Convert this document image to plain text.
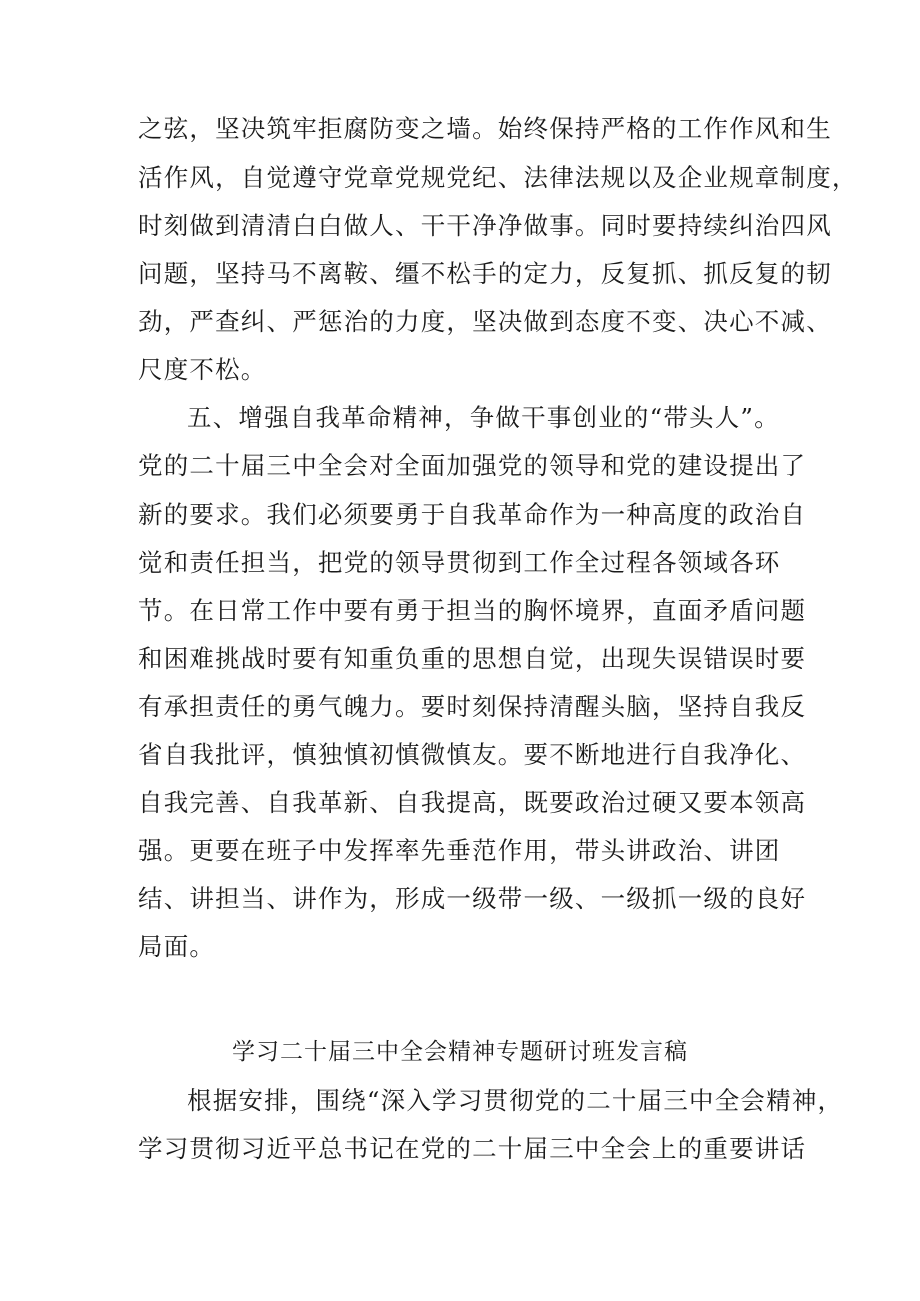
之弦，坚决筑牢拒腐防变之墙。始终保持严格的工作作风和生
活作风，自觉遵守党章党规党纪、法律法规以及企业规章制度，
时刻做到清清白白做人、干干净净做事。同时要持续纠治四风
问题，坚持马不离鞍、缰不松手的定力，反复抓、抓反复的韧
劲，严查纠、严惩治的力度，坚决做到态度不变、决心不减、
尺度不松。
五、增强自我革命精神，争做干事创业的“带头人”。
党的二十届三中全会对全面加强党的领导和党的建设提出了
新的要求。我们必须要勇于自我革命作为一种高度的政治自
觉和责任担当，把党的领导贯彻到工作全过程各领域各环
节。在日常工作中要有勇于担当的胸怀境界，直面矛盾问题
和困难挑战时要有知重负重的思想自觉，出现失误错误时要
有承担责任的勇气魄力。要时刻保持清醒头脑，坚持自我反
省自我批评，慎独慎初慎微慎友。要不断地进行自我净化、
自我完善、自我革新、自我提高，既要政治过硬又要本领高
强。更要在班子中发挥率先垂范作用，带头讲政治、讲团
结、讲担当、讲作为，形成一级带一级、一级抓一级的良好
局面。
学习二十届三中全会精神专题研讨班发言稿
根据安排，围绕“深入学习贯彻党的二十届三中全会精神，
学习贯彻习近平总书记在党的二十届三中全会上的重要讲话
